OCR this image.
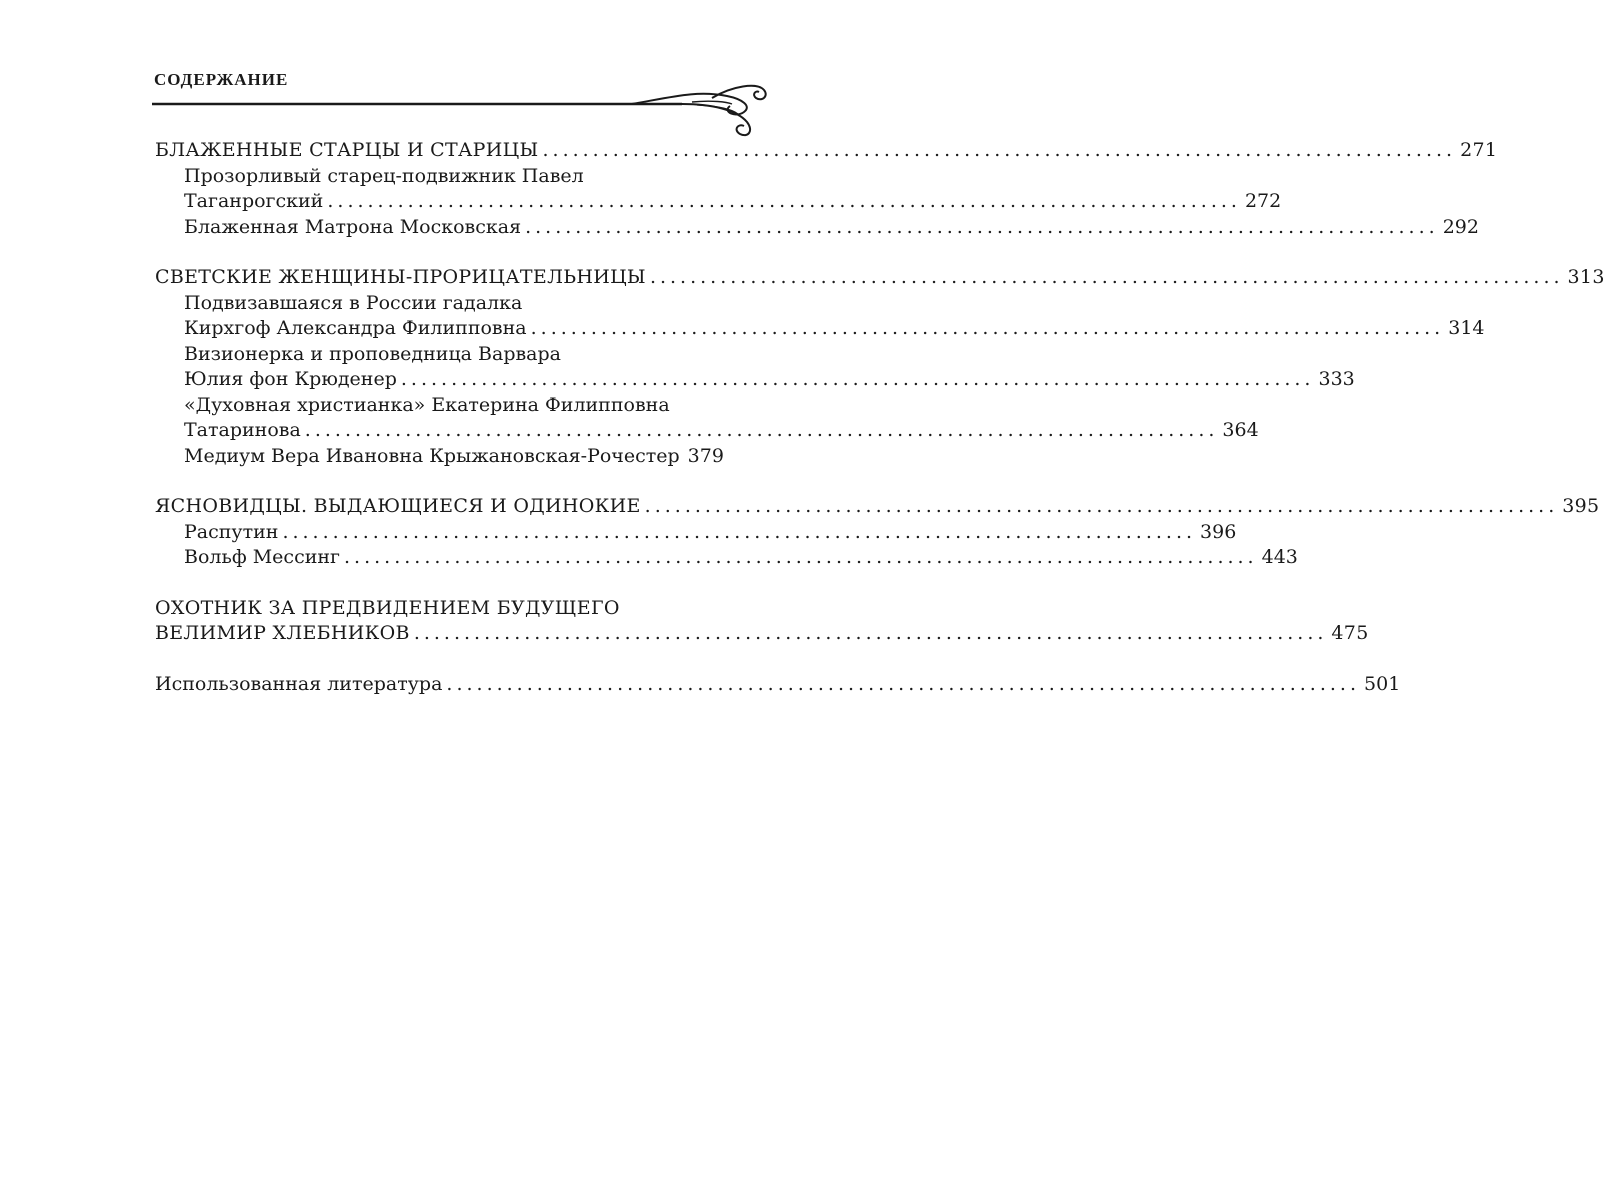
СОДЕРЖАНИЕ
БЛАЖЕННЫЕ СТАРЦЫ И СТАРИЦЫ ........................................................................................... 271
Прозорливый старец-подвижник Павел
Таганрогский ........................................................................................... 272
Блаженная Матрона Московская ........................................................................................... 292
СВЕТСКИЕ ЖЕНЩИНЫ-ПРОРИЦАТЕЛЬНИЦЫ ........................................................................................... 313
Подвизавшаяся в России гадалка
Кирхгоф Александра Филипповна ........................................................................................... 314
Визионерка и проповедница Варвара
Юлия фон Крюденер ........................................................................................... 333
«Духовная христианка» Екатерина Филипповна
Татаринова ........................................................................................... 364
Медиум Вера Ивановна Крыжановская-Рочестер 379
ЯСНОВИДЦЫ. ВЫДАЮЩИЕСЯ И ОДИНОКИЕ ........................................................................................... 395
Распутин ........................................................................................... 396
Вольф Мессинг ........................................................................................... 443
ОХОТНИК ЗА ПРЕДВИДЕНИЕМ БУДУЩЕГО
ВЕЛИМИР ХЛЕБНИКОВ ........................................................................................... 475
Использованная литература ........................................................................................... 501
